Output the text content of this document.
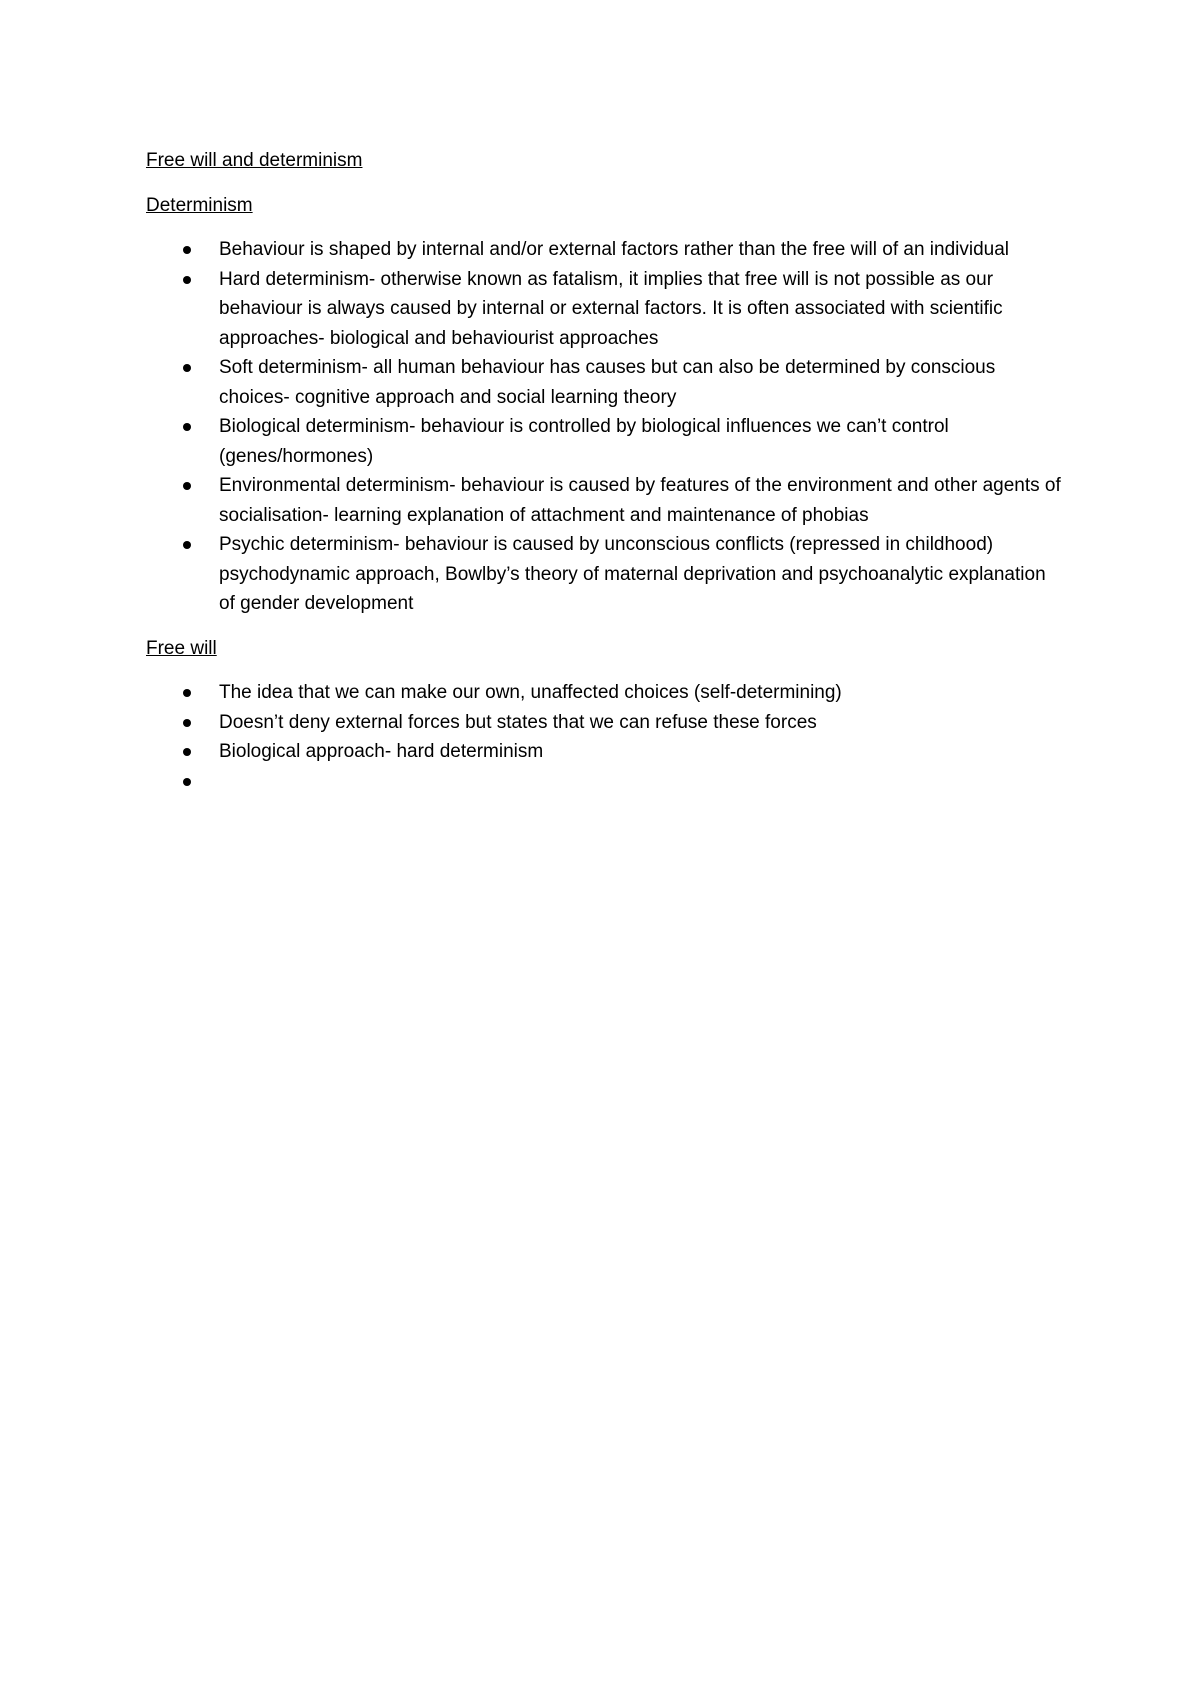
Free will and determinism
Determinism
Behaviour is shaped by internal and/or external factors rather than the free will of an individual
Hard determinism- otherwise known as fatalism, it implies that free will is not possible as our behaviour is always caused by internal or external factors. It is often associated with scientific approaches- biological and behaviourist approaches
Soft determinism- all human behaviour has causes but can also be determined by conscious choices- cognitive approach and social learning theory
Biological determinism- behaviour is controlled by biological influences we can’t control (genes/hormones)
Environmental determinism- behaviour is caused by features of the environment and other agents of socialisation- learning explanation of attachment and maintenance of phobias
Psychic determinism- behaviour is caused by unconscious conflicts (repressed in childhood) psychodynamic approach, Bowlby’s theory of maternal deprivation and psychoanalytic explanation of gender development
Free will
The idea that we can make our own, unaffected choices (self-determining)
Doesn’t deny external forces but states that we can refuse these forces
Biological approach- hard determinism
